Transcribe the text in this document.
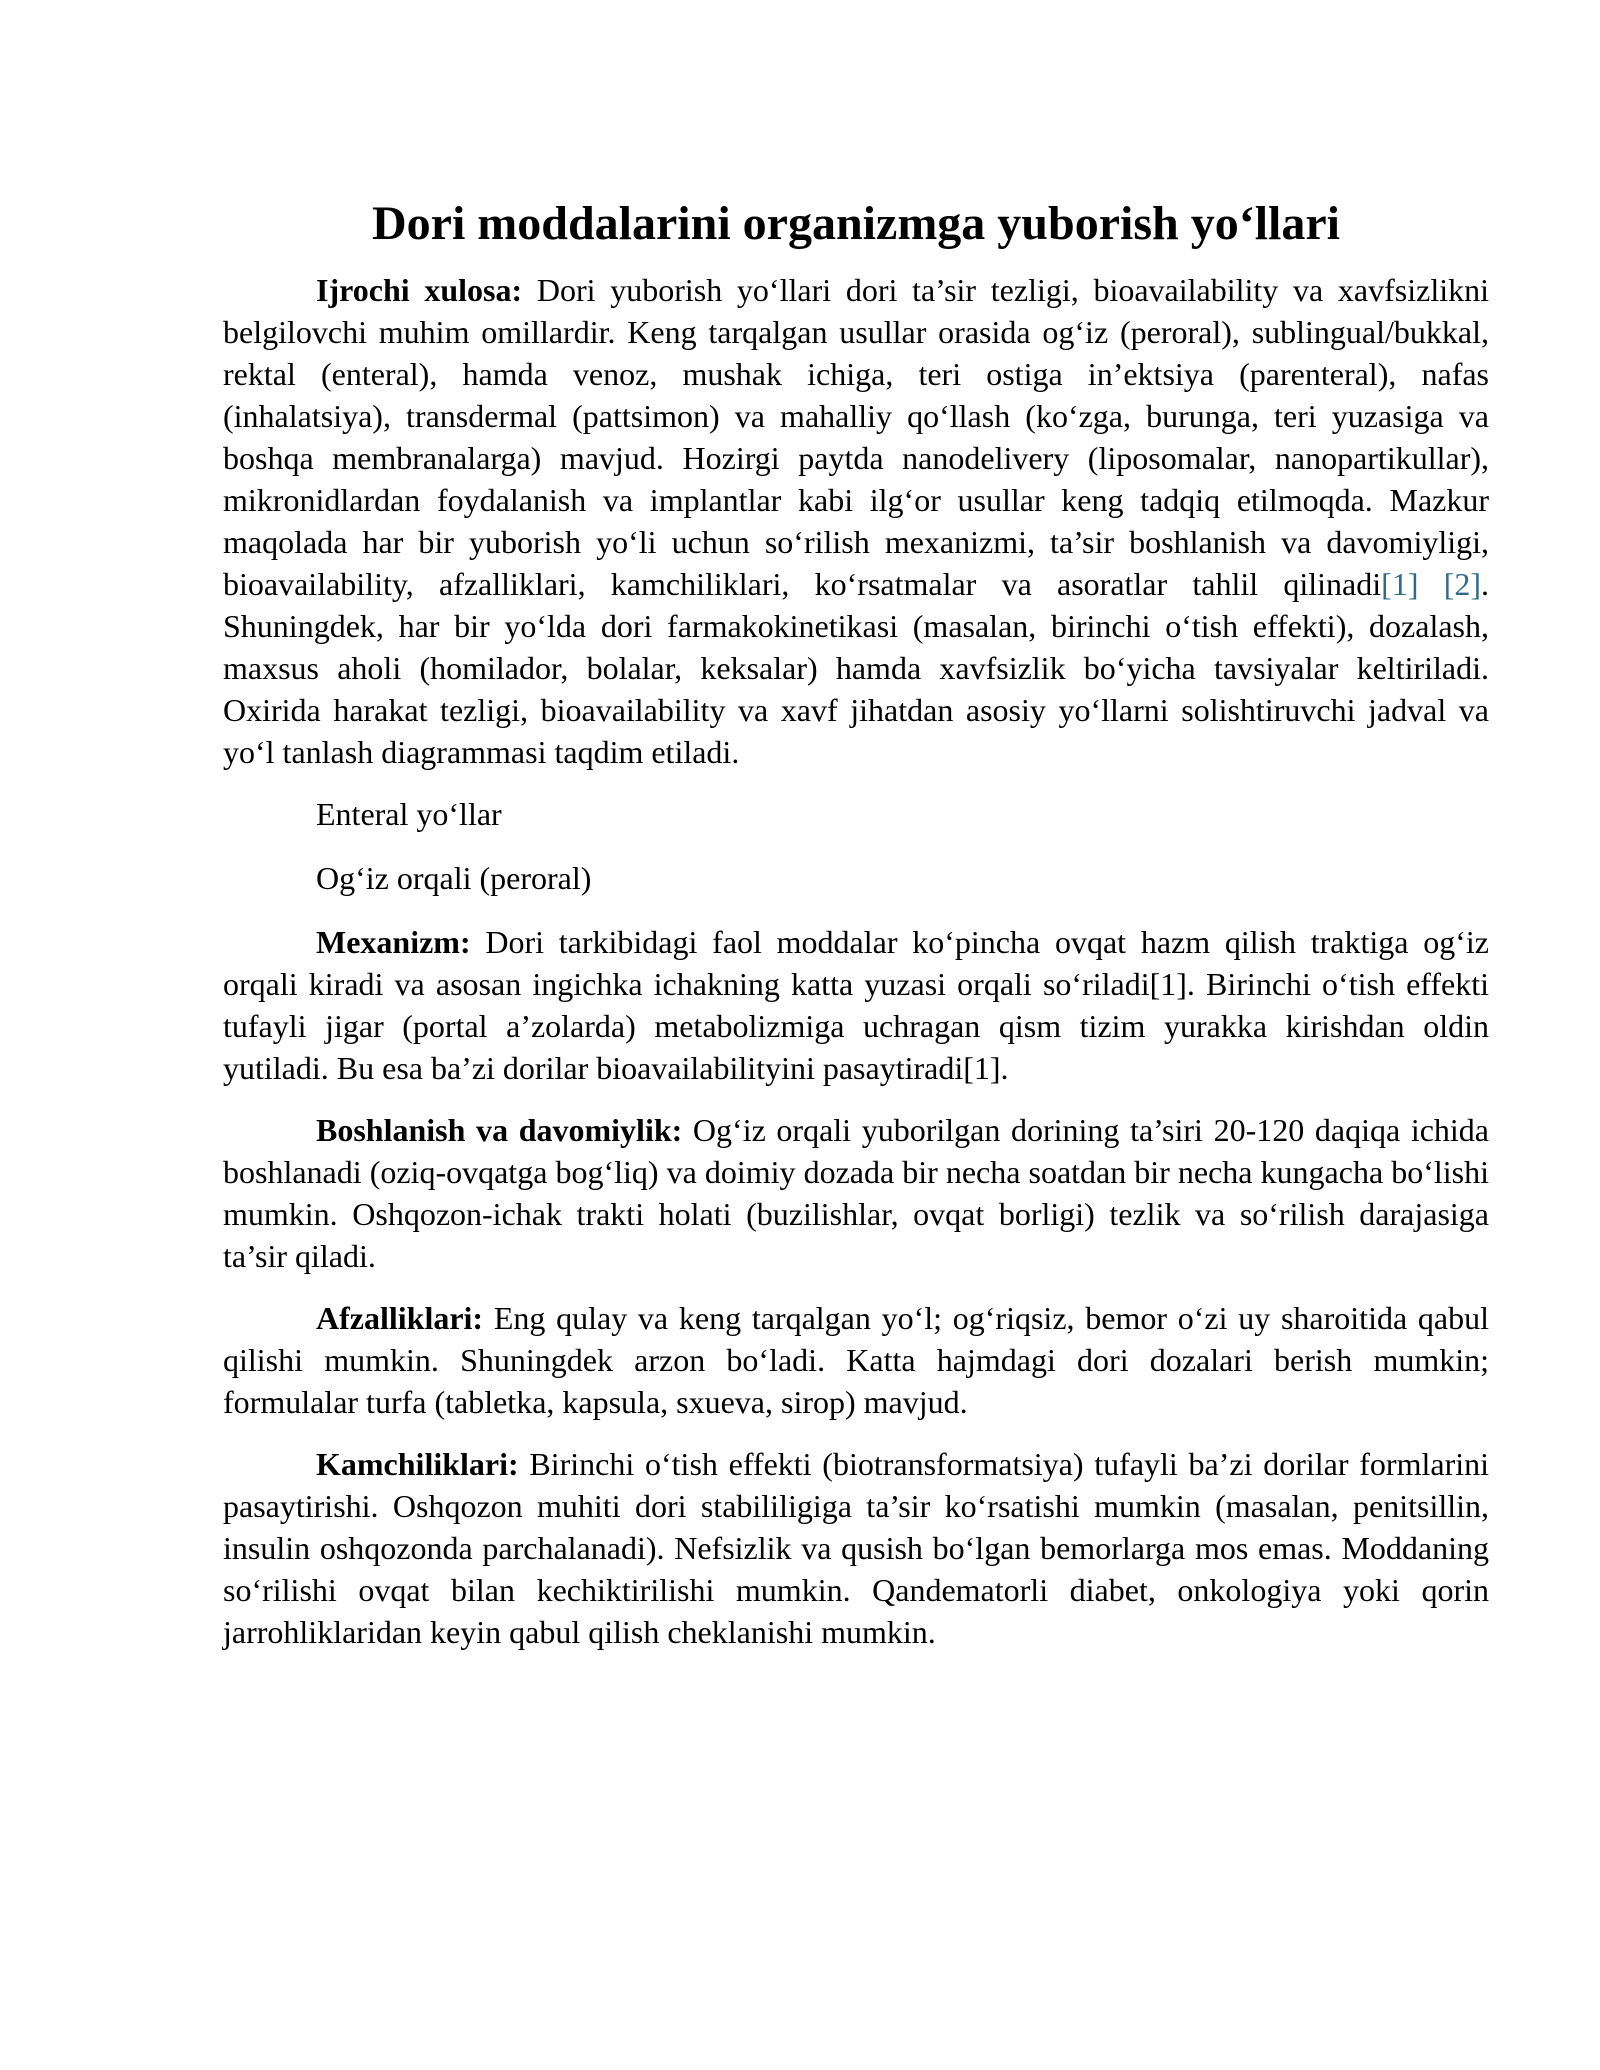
Dori moddalarini organizmga yuborish yo‘llari

Ijrochi xulosa: Dori yuborish yo‘llari dori ta’sir tezligi, bioavailability va xavfsizlikni belgilovchi muhim omillardir. Keng tarqalgan usullar orasida og‘iz (peroral), sublingual/bukkal, rektal (enteral), hamda venoz, mushak ichiga, teri ostiga in’ektsiya (parenteral), nafas (inhalatsiya), transdermal (pattsimon) va mahalliy qo‘llash (ko‘zga, burunga, teri yuzasiga va boshqa membranalarga) mavjud. Hozirgi paytda nanodelivery (liposomalar, nanopartikullar), mikronidlardan foydalanish va implantlar kabi ilg‘or usullar keng tadqiq etilmoqda. Mazkur maqolada har bir yuborish yo‘li uchun so‘rilish mexanizmi, ta’sir boshlanish va davomiyligi, bioavailability, afzalliklari, kamchiliklari, ko‘rsatmalar va asoratlar tahlil qilinadi[1] [2]. Shuningdek, har bir yo‘lda dori farmakokinetikasi (masalan, birinchi o‘tish effekti), dozalash, maxsus aholi (homilador, bolalar, keksalar) hamda xavfsizlik bo‘yicha tavsiyalar keltiriladi. Oxirida harakat tezligi, bioavailability va xavf jihatdan asosiy yo‘llarni solishtiruvchi jadval va yo‘l tanlash diagrammasi taqdim etiladi.

Enteral yo‘llar

Og‘iz orqali (peroral)

Mexanizm: Dori tarkibidagi faol moddalar ko‘pincha ovqat hazm qilish traktiga og‘iz orqali kiradi va asosan ingichka ichakning katta yuzasi orqali so‘riladi[1]. Birinchi o‘tish effekti tufayli jigar (portal a’zolarda) metabolizmiga uchragan qism tizim yurakka kirishdan oldin yutiladi. Bu esa ba’zi dorilar bioavailabilityini pasaytiradi[1].

Boshlanish va davomiylik: Og‘iz orqali yuborilgan dorining ta’siri 20-120 daqiqa ichida boshlanadi (oziq-ovqatga bog‘liq) va doimiy dozada bir necha soatdan bir necha kungacha bo‘lishi mumkin. Oshqozon-ichak trakti holati (buzilishlar, ovqat borligi) tezlik va so‘rilish darajasiga ta’sir qiladi.

Afzalliklari: Eng qulay va keng tarqalgan yo‘l; og‘riqsiz, bemor o‘zi uy sharoitida qabul qilishi mumkin. Shuningdek arzon bo‘ladi. Katta hajmdagi dori dozalari berish mumkin; formulalar turfa (tabletka, kapsula, sxueva, sirop) mavjud.

Kamchiliklari: Birinchi o‘tish effekti (biotransformatsiya) tufayli ba’zi dorilar formlarini pasaytirishi. Oshqozon muhiti dori stabililigiga ta’sir ko‘rsatishi mumkin (masalan, penitsillin, insulin oshqozonda parchalanadi). Nefsizlik va qusish bo‘lgan bemorlarga mos emas. Moddaning so‘rilishi ovqat bilan kechiktirilishi mumkin. Qandematorli diabet, onkologiya yoki qorin jarrohliklaridan keyin qabul qilish cheklanishi mumkin.
